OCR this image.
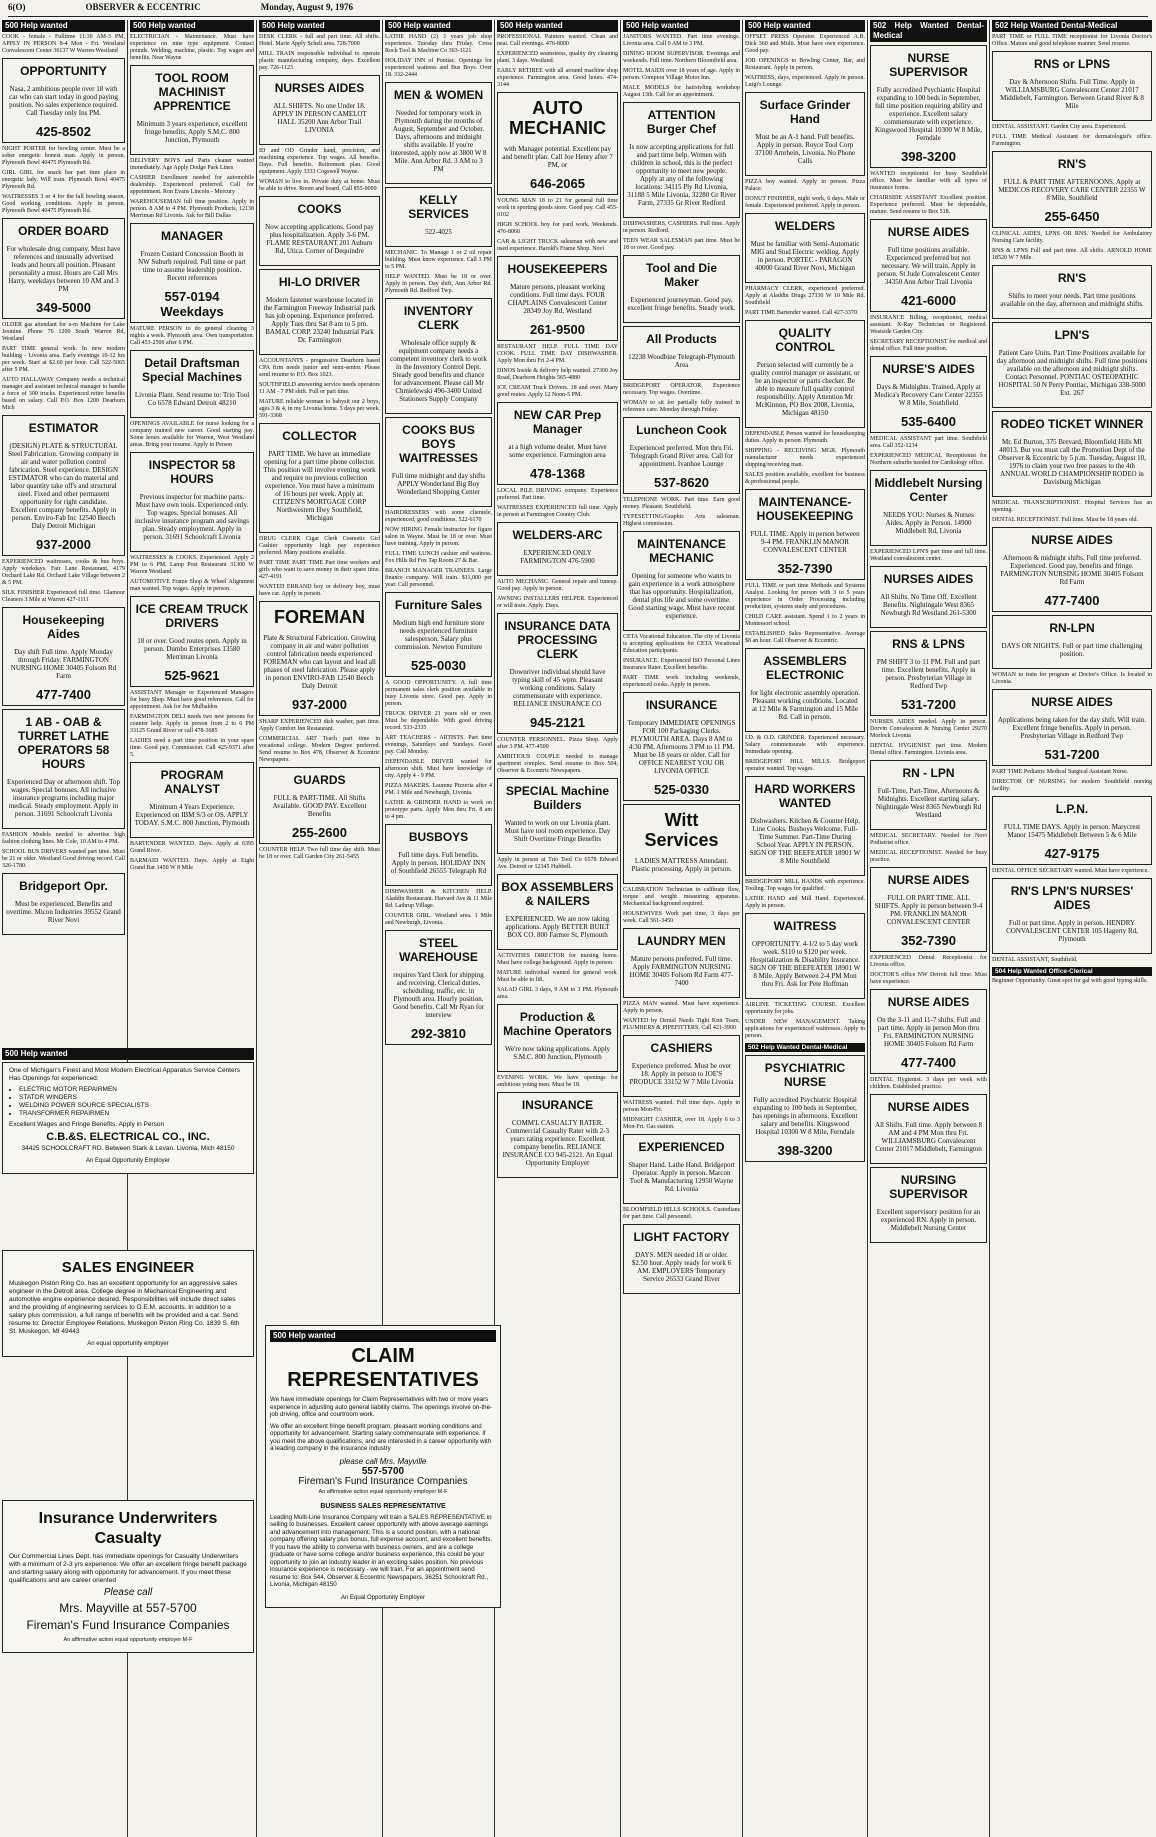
6(O)	OBSERVER & ECCENTRIC	Monday, August 9, 1976
500 Help wanted

COOK - female - Fulltime 11:30 AM-3 PM, APPLY IN PERSON 8-4 Mon - Fri. Westland Convalescent Center 36137 W Warren Westland

OPPORTUNITY

Nasa, 2 ambitious people over 18 with car who can start today in good paying position. No sales experience required. Call Tuesday only Ins PM.

425-8502

NIGHT PORTER for bowling center. Must be a sober energetic honest man. Apply in person. Plymouth Bowl 40475 Plymouth Rd.

GIRL GIRL for snack bar part time place in energetic lady. Will train. Plymouth Bowl 40475 Plymouth Rd.

WAITRESSES 3 or 4 for the fall bowling season. Good working conditions. Apply in person. Plymouth Bowl 40475 Plymouth Rd.

ORDER BOARD

For wholesale drug company. Must have references and unusually advertised leads and hours all position. Pleasant personality a must. Hours are Call Mrs Harry, weekdays between 10 AM and 3 PM

349-5000

OLDER gas attendant for a-m Machine for Lake Jesmine. Phone 76 1200 South Warren Rd, Westland

PART TIME general work. In new modern building - Livonia area. Early evenings 10-12 hrs per week. Start at $2.60 per hour. Call 522-5065 after 5 PM.

AUTO HALLAWAY Company needs a technical manager and assistant technical manager to handle a force of 300 trucks. Experienced retire benefits based on salary. Call P.O. Box 1200 Dearborn Mich

ESTIMATOR

(DESIGN) PLATE & STRUCTURAL Steel Fabrication. Growing company in air and water pollution control fabrication. Steel experience. DESIGN ESTIMATOR who can do material and labor quantity take off's and structural steel. Fixed and other permanent opportunity for right candidate. Excellent company benefits. Apply in person. Enviro-Fab Inc 12540 Beech Daly Detroit Michigan

937-2000

EXPERIENCED waitresses, cooks & bus boys. Apply weekdays. Fair Lane Restaurant, 4179 Orchard Lake Rd. Orchard Lake Village between 2 & 5 PM.

SILK FINISHER Experienced full time. Glamour Cleaners 3 Mile at Warren 427-1111

Housekeeping Aides

Day shift Full time. Apply Monday through Friday. FARMINGTON NURSING HOME 30405 Folsom Rd Farm

477-7400
1 AB - OAB & TURRET LATHE OPERATORS 58 HOURS

Experienced Day or afternoon shift. Top wages. Special bonuses. All inclusive insurance programs including major medical. Steady employment. Apply in person. 31691 Schoolcraft Livonia

FASHION Models needed to advertise high fashion clothing lines. Mr Cole, 10 AM to 4 PM.

SCHOOL BUS DRIVERS wanted part time. Must be 21 or older. Westland Good driving record. Call 326-1780.

Bridgeport Opr.

Must be experienced. Benefits and overtime. Micon Industries 39552 Grand River Novi

500 Help wanted

ELECTRICIAN - Maintenance. Must have experience on nine type equipment. Contact pounds. Welding, machine, plastic. Top wages and benefits. Near Wayne

TOOL ROOM MACHINIST APPRENTICE

Minimum 3 years experience, excellent fringe benefits. Apply S.M.C. 800 Junction, Plymouth

DELIVERY BOYS and Parts cleaner wanted immediately. Age Apply Dodge Park Lines

CASHIER Enrollment needed for automobile dealership. Experienced preferred. Call for appointment. Ron Evans Lincoln - Mercury

WAREHOUSEMAN full time position. Apply in person. 8 AM to 4 PM. Plymouth Products, 12138 Merriman Rd Livonia. Ask for Bill Dallas

MANAGER

Frozen Custard Concession Booth in NW Suburb required. Full time or part time to assume leadership position. Recent references

557-0194 Weekdays

MATURE PERSON to do general cleaning 3 nights a week. Plymouth area. Own transportation. Call 453-2500 after 6 PM.

Detail Draftsman Special Machines

Livonia Plant. Send resume to: Trio Tool Co 6578 Edward Detroit 48210

OPENINGS AVAILABLE for nurse looking for a company trained new career. Good starting pay. Some hours available for Warren, West Westland areas. Bring your resume. Apply in Person

INSPECTOR 58 HOURS

Previous inspector for machine parts. Must have own tools. Experienced only. Top wages. Special bonuses. All inclusive insurance program and savings plan. Steady employment. Apply in person. 31691 Schoolcraft Livonia

WAITRESSES & COOKS. Experienced. Apply 2 PM to 6 PM. Lamp Post Restaurant 31300 W Warren Westland.

AUTOMOTIVE Frame Shop & Wheel Alignment man wanted. Top wages. Apply in person.

ICE CREAM TRUCK DRIVERS

18 or over. Good routes open. Apply in person. Dumbo Enterprises 13580 Merriman Livonia

525-9621

ASSISTANT Manager or Experienced Managers for busy Shop. Must have good references. Call for appointment. Ask for Joe Mulhaldos

FARMINGTON DELI needs two new persons for counter help. Apply in person from 2 to 6 PM 33125 Grand River or call 478-3685

LADIES need a part time position in your spare time. Good pay. Commission. Call 425-9371 after 5.

PROGRAM ANALYST

Minimum 4 Years Experience. Experienced on IBM S/3 or OS. APPLY TODAY. S.M.C. 800 Junction, Plymouth

BARTENDER WANTED. Days. Apply at 6395 Grand River.

BARMAID WANTED. Days. Apply at Eight Grand Bar 1450 W 8 Mile

500 Help wanted

DESK CLERK - full and part time. All shifts. Hotel. Marie Apply Scheli area. 728-7000

MILL TRAIN responsible individual to operate plastic manufacturing company, days. Excellent pay. 726-1123

NURSES AIDES

ALL SHIFTS. No one Under 18. APPLY IN PERSON CAMELOT HALL 35200 Ann Arbor Trail LIVONIA

ID and OD Grinder hand, precision, and machining experience. Top wages. All benefits. Days. Full benefits. Retirement plan. Good equipment. Apply 3333 Cogswell Wayne.

WOMAN to live in. Private duty at home. Must be able to drive. Room and board. Call 855-0099

COOKS

Now accepting applications. Good pay plus hospitalization. Apply 3-6 PM. FLAME RESTAURANT 201 Auburn Rd, Utica. Corner of Dequindre

HI-LO DRIVER

Modern fastener warehouse located in the Farmington Freeway Industrial park has job opening. Experience preferred. Apply Tues thru Sat 8 am to 5 pm. BAMAL CORP. 23240 Industrial Park Dr. Farmington

ACCOUNTANTS - progressive Dearborn based CPA firm needs junior and semi-senior. Please send resume to P.O. Box 1023.

SOUTHFIELD answering service needs operators 11 AM - 7 PM shift. Full or part time.

MATURE reliable woman to babysit our 2 boys, ages 3 & 4, in my Livonia home. 5 days per week. 591-3368

COLLECTOR

PART TIME. We have an immediate opening for a part time phone collector. This position will involve evening work and require no previous collection experience. You must have a minimum of 16 hours per week. Apply at: CITIZEN'S MORTGAGE CORP Northwestern Hwy Southfield, Michigan

DRUG CLERK Cigar Clerk Cosmetic Girl Cashier opportunity high pay experience preferred. Many positions available.

PART TIME PART TIME Part time workers and girls who want to save money in their spare time. 427-4191

WANTED ERRAND boy or delivery boy, must have car. Apply in person.

FOREMAN

Plate & Structural Fabrication. Growing company in air and water pollution control fabrication needs experienced FOREMAN who can layout and lead all phases of steel fabrication. Please apply in person ENVIRO-FAB 12540 Beech Daly Detroit

937-2000

SHARP EXPERIENCED dish washer, part time. Apply Comfort Inn Restaurant.

COMMERCIAL ART Teach part time in vocational college. Modern Degree preferred. Send resume to Box 478, Observer & Eccentric Newspapers.

GUARDS

FULL & PART-TIME. All Shifts Available. GOOD PAY. Excellent Benefits

255-2600

COUNTER HELP. Two full time day shift. Must be 18 or over. Call Garden City 261-5455

500 Help wanted

LATHE HAND (2) 3 years job shop experience. Tuesday thru Friday. Cross Rock Tool & Machine Co 363-1121

HOLIDAY INN of Pontiac. Openings for experienced waitress and Bus Boys. Over 18. 332-2444

MEN & WOMEN

Needed for temporary work in Plymouth during the months of August, September and October. Days, afternoons and midnight shifts available. If you're interested, apply now at 3800 W 8 Mile. Ann Arbor Rd. 3 AM to 3 PM

KELLY SERVICES

522-4025

MECHANIC. To Manage 1 or 2 oil repair building. Must know experience. Call 3 PM to 5 PM.

HELP WANTED. Must be 18 or over. Apply in person. Day shift, Ann Arbor Rd. Plymouth Rd. Redford Twp.

INVENTORY CLERK

Wholesale office supply & equipment company needs a competent inventory clerk to work in the Inventory Control Dept. Steady good benefits and chance for advancement. Please call Mr Chmielewski 496-3400 United Stationers Supply Company

COOKS BUS BOYS WAITRESSES

Full time midnight and day shifts APPLY Wonderland Big Boy Wonderland Shopping Center

HAIRDRESSERS with some clientele, experienced, good conditions. 522-6170

NOW HIRING Female instructor for figure salon in Wayne. Must be 18 or over. Must have training. Apply in person.

FULL TIME LUNCH cashier and waitress. Fox Hills Rd Fox Tap Room 27 & Bar.

BRANCH MANAGER TRAINEES. Large finance company. Will train. $11,000 per year. Call personnel.

Furniture Sales

Medium high end furniture store needs experienced furniture salesperson. Salary plus commission. Newton Furniture

525-0030

A GOOD OPPORTUNITY. A full time permanent sales clerk position available in busy Livonia store. Good pay. Apply in person.

TRUCK DRIVER 21 years old or over. Must be dependable. With good driving record. 533-2335

ART TEACHERS - ARTISTS. Part time evenings, Saturdays and Sundays. Good pay. Call Monday.

DEPENDABLE DRIVER wanted for afternoon shift. Must have knowledge of city. Apply 4 - 9 PM.

PIZZA MAKERS. Laurenz Pizzeria after 4 PM. 1 Mile and Newburgh, Livonia.

LATHE & GRINDER HAND to work on prototype parts. Apply Mon thru Fri. 8 am to 4 pm.

BUSBOYS

Full time days. Full benefits. Apply in person. HOLIDAY INN of Southfield 26555 Telegraph Rd

DISHWASHER & KITCHEN HELP. Aladdin Restaurant. Harvard Ave & 11 Mile Rd. Lathrup Village.

COUNTER GIRL. Westland area. 1 Mile and Newburgh, Livonia.

STEEL WAREHOUSE

requires Yard Clerk for shipping and receiving. Clerical duties, scheduling, traffic, etc. in Plymouth area. Hourly position. Good benefits. Call Mr Ryan for interview

292-3810
500 Help wanted

PROFESSIONAL Painters wanted. Clean and neat. Call evenings. 476-8000

EXPERIENCED seamstress, quality dry cleaning plant. 3 days. Westland.

EARLY RETIREE with all around machine shop experience. Farmington area. Good hours. 474-3144

AUTO MECHANIC

with Manager potential. Excellent pay and benefit plan. Call Joe Henry after 7 PM, or

646-2065

YOUNG MAN 18 to 21 for general full time work in sporting goods store. Good pay. Call 455-0102

HIGH SCHOOL boy for yard work. Weekends. 476-8060

CAR & LIGHT TRUCK salesman with new and used experience. Harold's Frame Shop. Novi

HOUSEKEEPERS

Mature persons, pleasant working conditions. Full time days. FOUR CHAPLAINS Convalescent Center 28349 Joy Rd, Westland

261-9500

RESTAURANT HELP. FULL TIME DAY COOK. FULL TIME DAY DISHWASHER. Apply Mon thru Fri 2-4 PM.

DINOS Inside & delivery help wanted. 27300 Joy Road, Dearborn Heights 565-4880

ICE CREAM Truck Drivers. 18 and over. Many good routes. Apply 12 Noon-5 PM.

NEW CAR Prep Manager

at a high volume dealer. Must have some experience. Farmington area

478-1368

LOCAL PILE DRIVING company. Experience preferred. Part time.

WAITRESSES EXPERIENCED full time. Apply in person at Farmington Country Club.

WELDERS-ARC

EXPERIENCED ONLY FARMINGTON 476-5900

AUTO MECHANIC. General repair and tuneup. Good pay. Apply in person.

AWNING INSTALLERS HELPER. Experienced or will train. Apply. Days.

INSURANCE DATA PROCESSING CLERK

Downriver individual should have typing skill of 45 wpm. Pleasant working conditions. Salary commensurate with experience. RELIANCE INSURANCE CO

945-2121

COUNTER PERSONNEL. Pizza Shop. Apply after 3 PM. 477-4500

AMBITIOUS COUPLE needed to manage apartment complex. Send resume to Box 504, Observer & Eccentric Newspapers.

SPECIAL Machine Builders

Wanted to work on our Livonia plant. Must have tool room experience. Day Shift Overtime Fringe Benefits

Apply in person at Trio Tool Co 6578 Edward Ave. Detroit or 12345 Hubbell.

BOX ASSEMBLERS & NAILERS

EXPERIENCED. We are now taking applications. Apply BETTER BUILT BOX CO. 800 Farmer St, Plymouth

ACTIVITIES DIRECTOR for nursing home. Must have college background. Apply in person.

MATURE individual wanted for general work. Must be able to lift.

SALAD GIRL 3 days, 9 AM to 3 PM. Plymouth area.

Production & Machine Operators

We're now taking applications. Apply S.M.C. 800 Junction, Plymouth

EVENING WORK. We have openings for ambitious young men. Must be 18.

INSURANCE

COMM'L CASUALTY RATER. Commercial Casualty Rater with 2-3 years rating experience. Excellent company benefits. RELIANCE INSURANCE CO 945-2121. An Equal Opportunity Employer

500 Help wanted

JANITORS WANTED. Part time evenings. Livonia area. Call 9 AM to 3 PM.

DINING ROOM SUPERVISOR. Evenings and weekends. Full time. Northern Bloomfield area.

MOTEL MAIDS over 18 years of age. Apply in person. Compton Village Motor Inn.

MALE MODELS for hairstyling workshop August 13th. Call for an appointment.

ATTENTION Burger Chef

Is now accepting applications for full and part time help. Women with children in school, this is the perfect opportunity to meet new people. Apply at any of the following locations: 34115 Ply Rd Livonia, 31188 5 Mile Livonia, 32280 Gr River Farm, 27335 Gr River Redford

DISHWASHERS, CASHIERS. Full time. Apply in person. Redford.

TEEN WEAR SALESMAN part time. Must be 18 or over. Good pay.

Tool and Die Maker

Experienced journeyman. Good pay, excellent fringe benefits. Steady work.

All Products

12238 Woodbine Telegraph-Plymouth Area

BRIDGEPORT OPERATOR. Experience necessary. Top wages. Overtime.

WOMAN to sit for partially fully trained in reference care. Monday through Friday.

Luncheon Cook

Experienced preferred. Mon thru Fri. Telegraph Grand River area. Call for appointment. Ivanhoe Lounge

537-8620

TELEPHONE WORK. Part time. Earn good money. Pleasant. Southfield.

TYPESETTING/Graphic Arts salesman. Highest commission.

MAINTENANCE MECHANIC

Opening for someone who wants to gain experience in a work atmosphere that has opportunity. Hospitalization, dental plus life and some overtime. Good starting wage. Must have recent experience.

CETA Vocational Education. The city of Livonia is accepting applications for CETA Vocational Education participants.

INSURANCE. Experienced ISO Personal Lines Insurance Rater. Excellent benefits.

PART TIME work including weekends, experienced cooks. Apply in person.

INSURANCE

Temporary IMMEDIATE OPENINGS FOR 100 Packaging Clerks. PLYMOUTH AREA. Days 8 AM to 4:30 PM, Afternoons 3 PM to 11 PM. Must be 18 years or older. Call for OFFICE NEAREST YOU OR LIVONIA OFFICE

525-0330
Witt Services

LADIES MATTRESS Attendant. Plastic processing. Apply in person.

CALIBRATION Technician to calibrate flow, torque and weight measuring apparatus. Mechanical background required.

HOUSEWIVES Work part time, 3 days per week. Call 561-3450

LAUNDRY MEN

Mature persons preferred. Full time. Apply FARMINGTON NURSING HOME 30405 Folsom Rd Farm 477-7400

PIZZA MAN wanted. Must have experience. Apply in person.

WANTED by Dental Needs Tight Knit Team, PLUMBERS & PIPEFITTERS. Call 421-3900

CASHIERS

Experience preferred. Must be over 18. Apply in person to JOE'S PRODUCE 33152 W 7 Mile Livonia

WAITRESS wanted. Full time days. Apply in person Mon-Fri.

MIDNIGHT CASHIER, over 18. Apply 6 to 3 Mon-Fri. Gas station.

EXPERIENCED

Shaper Hand. Lathe Hand. Bridgeport Operator. Apply in person. Marcon Tool & Manufacturing 12950 Wayne Rd. Livonia

BLOOMFIELD HILLS SCHOOLS. Custodians for part time. Call personnel.

LIGHT FACTORY

DAYS. MEN needed 18 or older. $2.50 hour. Apply ready for work 6 AM. EMPLOYERS Temporary Service 26533 Grand River

500 Help wanted

OFFSET PRESS Operator. Experienced A.B. Dick 360 and Multi. Must have own experience. Good pay.

JOB OPENINGS to Bowling Center, Bar, and Restaurant. Apply in person.

WAITRESS, days, experienced. Apply in person. Luigi's Lounge.

Surface Grinder Hand

Must be an A-1 hand. Full benefits. Apply in person. Royce Tool Corp 37100 Amrhein, Livonia. No Phone Calls

PIZZA boy wanted. Apply in person. Pizza Palace.

DONUT FINISHER, night work, 6 days. Male or female. Experienced preferred. Apply in person.

WELDERS

Must be familiar with Semi-Automatic MIG and Stud Electric welding. Apply in person. PORTEC - PARAGON 40000 Grand River Novi, Michigan

PHARMACY CLERK, experienced preferred. Apply at Aladdin Drugs 27330 W 10 Mile Rd. Southfield

PART TIME Bartender wanted. Call 427-3370

QUALITY CONTROL

Person selected will currently be a quality control manager or assistant, or be an inspector or parts checker. Be able to measure full quality control responsibility. Apply Attention Mr McKinnon, PO Box 2008, Livonia, Michigan 48150

DEPENDABLE Person wanted for housekeeping duties. Apply in person. Plymouth.

SHIPPING - RECEIVING MGR. Plymouth manufacturer needs experienced shipping/receiving man.

SALES position available, excellent for business & professional people.

MAINTENANCE-HOUSEKEEPING

FULL TIME. Apply in person between 9-4 PM. FRANKLIN MANOR CONVALESCENT CENTER

352-7390

FULL TIME or part time Methods and Systems Analyst. Looking for person with 3 to 5 years experience in Order Processing including production, systems study and procedures.

CHILD CARE assistant. Spend 1 to 2 years in Montessori school.

ESTABLISHED Sales Representative. Average $8 an hour. Call Observer & Eccentric.

ASSEMBLERS ELECTRONIC

for light electronic assembly operation. Pleasant working conditions. Located at 12 Mile & Farmington and 15 Mile Rd. Call in person.

I.D. & O.D. GRINDER. Experienced necessary. Salary commensurate with experience. Immediate opening.

BRIDGEPORT HILL MILLS. Bridgeport operator wanted. Top wages.

HARD WORKERS WANTED

Dishwashers. Kitchen & Counter Help. Line Cooks. Busboys Welcome. Full-Time Summer. Part-Time During School Year. APPLY IN PERSON. SIGN OF THE BEEFEATER 18901 W 8 Mile Southfield

BRIDGEPORT MILL HANDS with experience. Tooling. Top wages for qualified.

LATHE HAND and Mill Hand. Experienced. Apply in person.

WAITRESS

OPPORTUNITY. 4-1/2 to 5 day work week. $110 to $120 per week. Hospitalization & Disability Insurance. SIGN OF THE BEEFEATER 18901 W 8 Mile. Apply Between 2-4 PM Mon thru Fri. Ask for Pete Hoffman

AIRLINE TICKETING COURSE. Excellent opportunity for jobs.

UNDER NEW MANAGEMENT. Taking applications for experienced waitresses. Apply in person.

502 Help Wanted Dental-Medical
PSYCHIATRIC NURSE

Fully accredited Psychiatric Hospital expanding to 100 beds in September, has openings in afternoons. Excellent salary and benefits. Kingswood Hospital 10300 W 8 Mile, Ferndale

398-3200
502 Help Wanted Dental-Medical
NURSE SUPERVISOR

Fully accredited Psychiatric Hospital expanding to 100 beds in September, full time position requiring ability and experience. Excellent salary commensurate with experience. Kingswood Hospital 10300 W 8 Mile, Ferndale

398-3200

WANTED receptionist for busy Southfield office. Must be familiar with all types of insurance forms.

CHAIRSIDE ASSISTANT Excellent position. Experience preferred. Must be dependable, mature. Send resume to Box 518.

NURSE AIDES

Full time positions available. Experienced preferred but not necessary. We will train. Apply in person. St Jude Convalescent Center 34350 Ann Arbor Trail Livonia

421-6000

INSURANCE Billing, receptionist, medical assistant. X-Ray Technician or Registered. Westside Garden City.

SECRETARY RECEPTIONIST for medical and dental office. Full time position.

NURSE'S AIDES

Days & Midnights. Trained. Apply at Medica's Recovery Care Center 22355 W 8 Mile, Southfield

535-6400

MEDICAL ASSISTANT part time. Southfield area. Call 352-1234

EXPERIENCED MEDICAL Receptionist for Northern suburbs needed for Cardiology office.

Middlebelt Nursing Center

NEEDS YOU: Nurses & Nurses Aides. Apply in Person. 14900 Middlebelt Rd, Livonia

EXPERIENCED LPN'S part time and full time. Westland convalescent center.

NURSES AIDES

All Shifts. No Time Off. Excellent Benefits. Nightingale West 8365 Newburgh Rd Westland 261-5300

RNS & LPNS

PM SHIFT 3 to 11 PM. Full and part time. Excellent benefits. Apply in person. Presbyterian Village in Redford Twp

531-7200

NURSES AIDES needed. Apply in person. Dorvin Convalescent & Nursing Center 29270 Morlock Livonia

DENTAL HYGIENIST part time. Modern Dental office. Farmington. Livonia area.

RN - LPN

Full-Time, Part-Time, Afternoons & Midnights. Excellent starting salary. Nightingale West 8365 Newburgh Rd Westland

MEDICAL SECRETARY. Needed for Novi Podiatrist office.

MEDICAL RECEPTIONIST. Needed for busy practice.

NURSE AIDES

FULL OR PART TIME. ALL SHIFTS. Apply in person between 9-4 PM. FRANKLIN MANOR CONVALESCENT CENTER

352-7390

EXPERIENCED Dental Receptionist for Livonia office.

DOCTOR'S office NW Detroit full time. Must have experience.

NURSE AIDES

On the 3-11 and 11-7 shifts. Full and part time. Apply in person Mon thru Fri. FARMINGTON NURSING HOME 30405 Folsom Rd Farm

477-7400

DENTAL Hygienist. 3 days per week with children. Established practice.

NURSE AIDES

All Shifts. Full time. Apply between 8 AM and 4 PM Mon thru Fri. WILLIAMSBURG Convalescent Center 21017 Middlebelt, Farmington

NURSING SUPERVISOR

Excellent supervisory position for an experienced RN. Apply in person. Middlebelt Nursing Center

502 Help Wanted Dental-Medical

PART TIME or FULL TIME receptionist for Livonia Doctor's Office. Mature and good telephone manner. Send resume.

RNS or LPNS

Day & Afternoon Shifts. Full Time. Apply in WILLIAMSBURG Convalescent Center 21017 Middlebelt, Farmington. Between Grand River & 8 Mile

DENTAL ASSISTANT. Garden City area. Experienced.

FULL TIME Medical Assistant for dermatologist's office. Farmington.

RN'S

FULL & PART TIME AFTERNOONS. Apply at MEDICOS RECOVERY CARE CENTER 22355 W 8 Mile, Southfield

255-6450

CLINICAL AIDES, LPNS OR RNS. Needed for Ambulatory Nursing Care facility.

RNS & LPNS Full and part time. All shifts. ARNOLD HOME 18520 W 7 Mile.

RN'S

Shifts to meet your needs. Part time positions available on the day, afternoon and midnight shifts.

LPN'S

Patient Care Units. Part Time Positions available for day afternoon and midnight shifts. Full time positions available on the afternoon and midnight shifts. Contact Personnel. PONTIAC OSTEOPATHIC HOSPITAL 50 N Perry Pontiac, Michigan 338-5000 Ext. 267

RODEO TICKET WINNER

Mr. Ed Burton, 375 Brevard, Bloomfield Hills MI 48013. But you must call the Promotion Dept of the Observer & Eccentric by 5 p.m. Tuesday, August 10, 1976 to claim your two free passes to the 4th ANNUAL WORLD CHAMPIONSHIP RODEO in Davisburg Michigan

MEDICAL TRANSCRIPTIONIST. Hospital Services has an opening.

DENTAL RECEPTIONIST. Full time. Must be 18 years old.

NURSE AIDES

Afternoon & midnight shifts. Full time preferred. Experienced. Good pay, benefits and fringe. FARMINGTON NURSING HOME 30405 Folsom Rd Farm

477-7400
RN-LPN

DAYS OR NIGHTS. Full or part time challenging position.

WOMAN to train for program at Doctor's Office. Is located in Livonia.

NURSE AIDES

Applications being taken for the day shift. Will train. Excellent fringe benefits. Apply in person. Presbyterian Village in Redford Twp

531-7200

PART TIME Pediatric Medical Surgical Assistant Nurse.

DIRECTOR OF NURSING for modern Southfield nursing facility.

L.P.N.

FULL TIME DAYS. Apply in person. Marycrest Manor 15475 Middlebelt Between 5 & 6 Mile

427-9175

DENTAL OFFICE SECRETARY wanted. Must have experience.

RN'S LPN'S NURSES' AIDES

Full or part time. Apply in person. HENDRY CONVALESCENT CENTER 105 Hagerty Rd, Plymouth

DENTAL ASSISTANT, Southfield.

504 Help Wanted Office-Clerical

Beginner Opportunity. Great spot for gal with good typing skills.

500 Help wanted
One of Michigan's Finest and Most Modern Electrical Apparatus Service Centers Has Openings for experienced:
• ELECTRIC MOTOR REPAIRMEN
• STATOR WINDERS
• WELDING POWER SOURCE SPECIALISTS
• TRANSFORMER REPAIRMEN
Excellent Wages and Fringe Benefits. Apply in Person
C.B.&S. ELECTRICAL CO., INC.
34425 SCHOOLCRAFT RD. Between Stark & Levan. Livonia, Mich 48150
An Equal Opportunity Employer
SALES ENGINEER
Muskegon Piston Ring Co. has an excellent opportunity for an aggressive sales engineer in the Detroit area. College degree in Mechanical Engineering and automotive engine experience desired. Responsibilities will include direct sales and the providing of engineering services to O.E.M. accounts. In addition to a salary plus commission, a full range of benefits will be provided and a car. Send resume to: Director Employee Relations, Muskegon Piston Ring Co. 1839 S. 6th St. Muskegon, MI 49443
An equal opportunity employer
Insurance Underwriters Casualty
Our Commercial Lines Dept. has immediate openings for Casualty Underwriters with a minimum of 2-3 yrs experience. We offer an excellent fringe benefit package and starting salary along with opportunity for advancement. If you meet these qualifications and are career oriented
Please call
Mrs. Mayville at 557-5700
Fireman's Fund Insurance Companies
An affirmative action equal opportunity employer M-F
500 Help wanted
CLAIM REPRESENTATIVES
We have immediate openings for Claim Representatives with two or more years experience in adjusting auto general liability claims. The openings involve on-the-job driving, office and courtroom work.
We offer an excellent fringe benefit program, pleasant working conditions and opportunity for advancement. Starting salary commensurate with experience. If you meet the above qualifications, and are interested in a career opportunity with a leading company in the insurance industry
please call Mrs. Mayville
557-5700
Fireman's Fund Insurance Companies
An affirmative action equal opportunity employer M-F
BUSINESS SALES REPRESENTATIVE
Leading Multi-Line Insurance Company will train a SALES REPRESENTATIVE in selling to businesses. Excellent career opportunity with above average earnings and advancement into management. This is a sound position, with a national company offering salary plus bonus, full expense account, and excellent benefits. If you have the ability to converse with business owners, and are a college graduate or have some college and/or business experience, this could be your opportunity to join an industry leader in an exciting sales position. No previous insurance experience is necessary - we will train. For an appointment send resume to: Box 544, Observer & Eccentric Newspapers, 36251 Schoolcraft Rd., Livonia, Michigan 48150
An Equal Opportunity Employer
